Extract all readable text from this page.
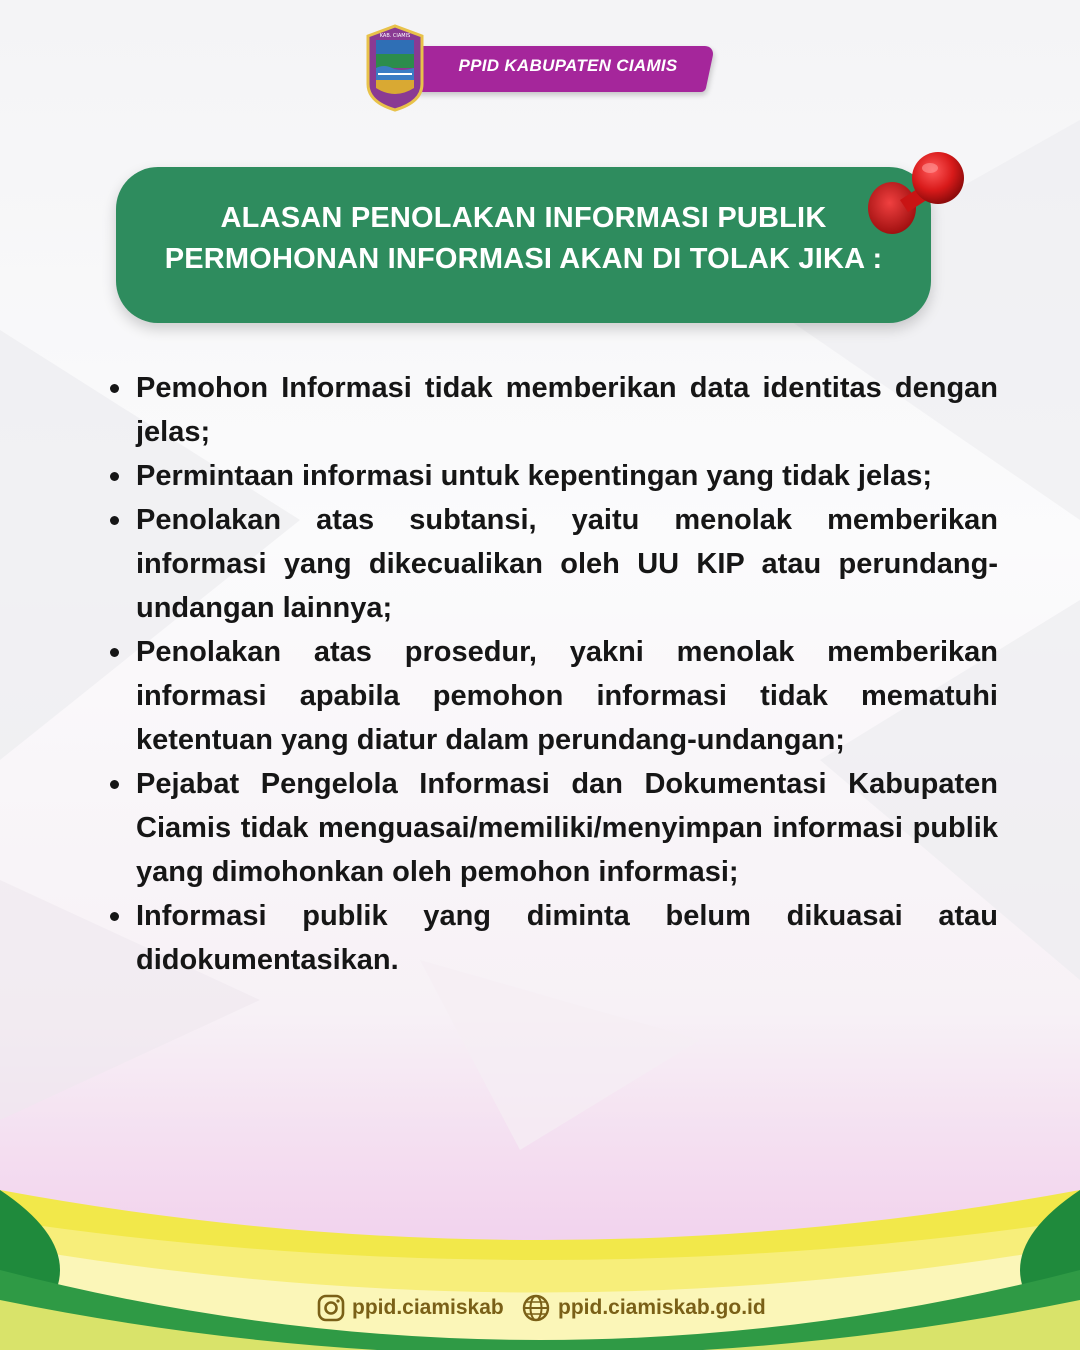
PPID KABUPATEN CIAMIS
KAB. CIAMIS
ALASAN PENOLAKAN INFORMASI PUBLIK
PERMOHONAN INFORMASI AKAN DI TOLAK JIKA :
Pemohon Informasi tidak memberikan data identitas dengan jelas;
Permintaan informasi untuk kepentingan yang tidak jelas;
Penolakan atas subtansi, yaitu menolak memberikan informasi yang dikecualikan oleh UU KIP atau perundang-undangan lainnya;
Penolakan atas prosedur, yakni menolak memberikan informasi apabila pemohon informasi tidak mematuhi ketentuan yang diatur dalam perundang-undangan;
Pejabat Pengelola Informasi dan Dokumentasi Kabupaten Ciamis tidak menguasai/memiliki/menyimpan informasi publik yang dimohonkan oleh pemohon informasi;
Informasi publik yang diminta belum dikuasai atau didokumentasikan.
ppid.ciamiskab	ppid.ciamiskab.go.id
